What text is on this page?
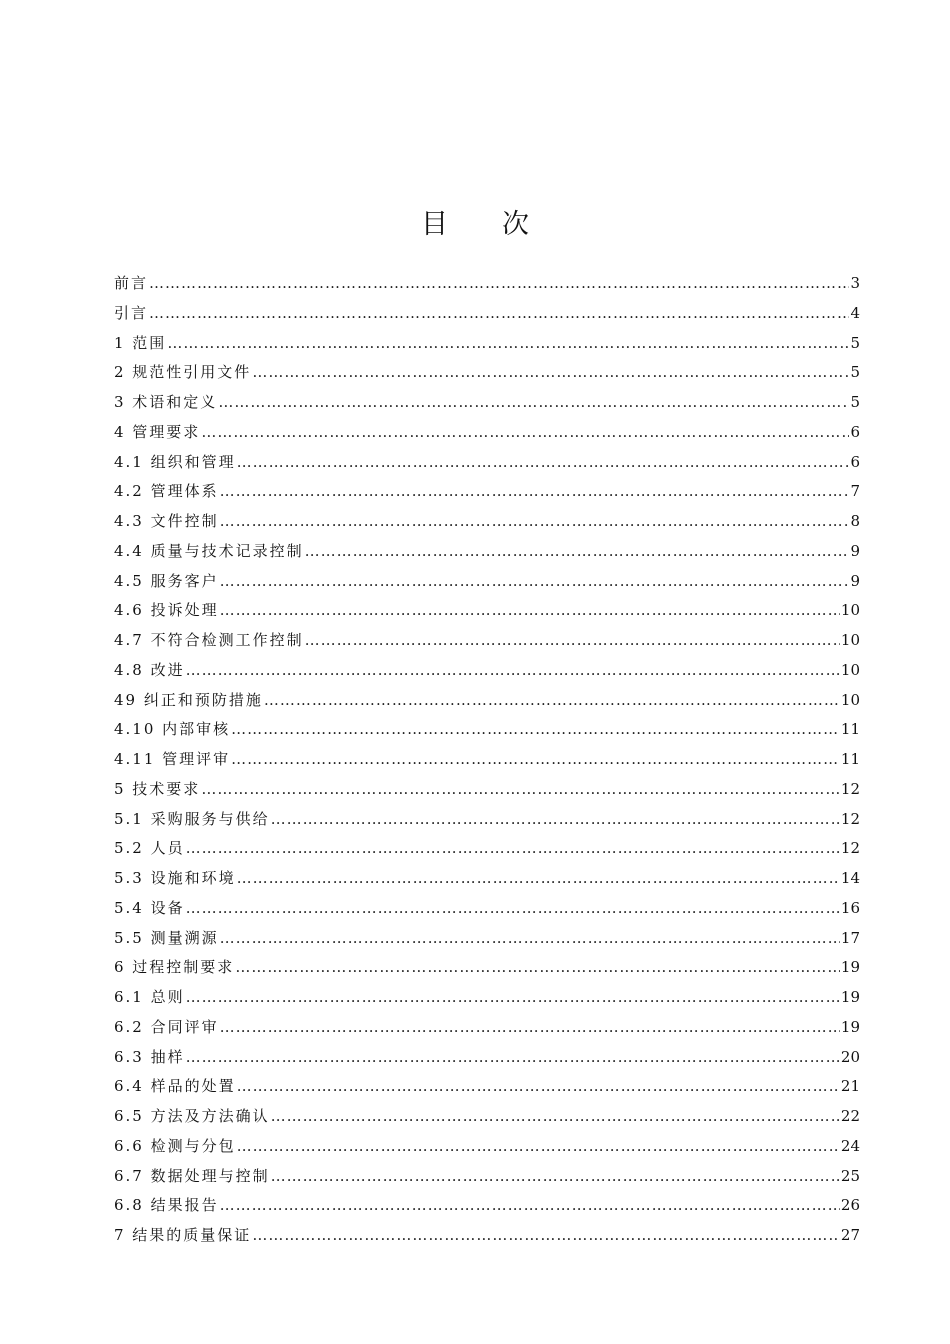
目 次
前言 …………………………………………………………………………………………………………………………………………………………………………………………………………………………………………………………………………………	3
引言 …………………………………………………………………………………………………………………………………………………………………………………………………………………………………………………………………………………	4
1 范围 …………………………………………………………………………………………………………………………………………………………………………………………………………………………………………………………………………………	5
2 规范性引用文件 …………………………………………………………………………………………………………………………………………………………………………………………………………………………………………………………………………………	5
3 术语和定义 …………………………………………………………………………………………………………………………………………………………………………………………………………………………………………………………………………………	5
4 管理要求 …………………………………………………………………………………………………………………………………………………………………………………………………………………………………………………………………………………	6
4.1 组织和管理 …………………………………………………………………………………………………………………………………………………………………………………………………………………………………………………………………………………	6
4.2 管理体系 …………………………………………………………………………………………………………………………………………………………………………………………………………………………………………………………………………………	7
4.3 文件控制 …………………………………………………………………………………………………………………………………………………………………………………………………………………………………………………………………………………	8
4.4 质量与技术记录控制 …………………………………………………………………………………………………………………………………………………………………………………………………………………………………………………………………………………	9
4.5 服务客户 …………………………………………………………………………………………………………………………………………………………………………………………………………………………………………………………………………………	9
4.6 投诉处理 …………………………………………………………………………………………………………………………………………………………………………………………………………………………………………………………………………………	10
4.7 不符合检测工作控制 …………………………………………………………………………………………………………………………………………………………………………………………………………………………………………………………………………………	10
4.8 改进 …………………………………………………………………………………………………………………………………………………………………………………………………………………………………………………………………………………	10
49 纠正和预防措施 …………………………………………………………………………………………………………………………………………………………………………………………………………………………………………………………………………………	10
4.10 内部审核 …………………………………………………………………………………………………………………………………………………………………………………………………………………………………………………………………………………	11
4.11 管理评审 …………………………………………………………………………………………………………………………………………………………………………………………………………………………………………………………………………………	11
5 技术要求 …………………………………………………………………………………………………………………………………………………………………………………………………………………………………………………………………………………	12
5.1 采购服务与供给 …………………………………………………………………………………………………………………………………………………………………………………………………………………………………………………………………………………	12
5.2 人员 …………………………………………………………………………………………………………………………………………………………………………………………………………………………………………………………………………………	12
5.3 设施和环境 …………………………………………………………………………………………………………………………………………………………………………………………………………………………………………………………………………………	14
5.4 设备 …………………………………………………………………………………………………………………………………………………………………………………………………………………………………………………………………………………	16
5.5 测量溯源 …………………………………………………………………………………………………………………………………………………………………………………………………………………………………………………………………………………	17
6 过程控制要求 …………………………………………………………………………………………………………………………………………………………………………………………………………………………………………………………………………………	19
6.1 总则 …………………………………………………………………………………………………………………………………………………………………………………………………………………………………………………………………………………	19
6.2 合同评审 …………………………………………………………………………………………………………………………………………………………………………………………………………………………………………………………………………………	19
6.3 抽样 …………………………………………………………………………………………………………………………………………………………………………………………………………………………………………………………………………………	20
6.4 样品的处置 …………………………………………………………………………………………………………………………………………………………………………………………………………………………………………………………………………………	21
6.5 方法及方法确认 …………………………………………………………………………………………………………………………………………………………………………………………………………………………………………………………………………………	22
6.6 检测与分包 …………………………………………………………………………………………………………………………………………………………………………………………………………………………………………………………………………………	24
6.7 数据处理与控制 …………………………………………………………………………………………………………………………………………………………………………………………………………………………………………………………………………………	25
6.8 结果报告 …………………………………………………………………………………………………………………………………………………………………………………………………………………………………………………………………………………	26
7 结果的质量保证 …………………………………………………………………………………………………………………………………………………………………………………………………………………………………………………………………………………	27
